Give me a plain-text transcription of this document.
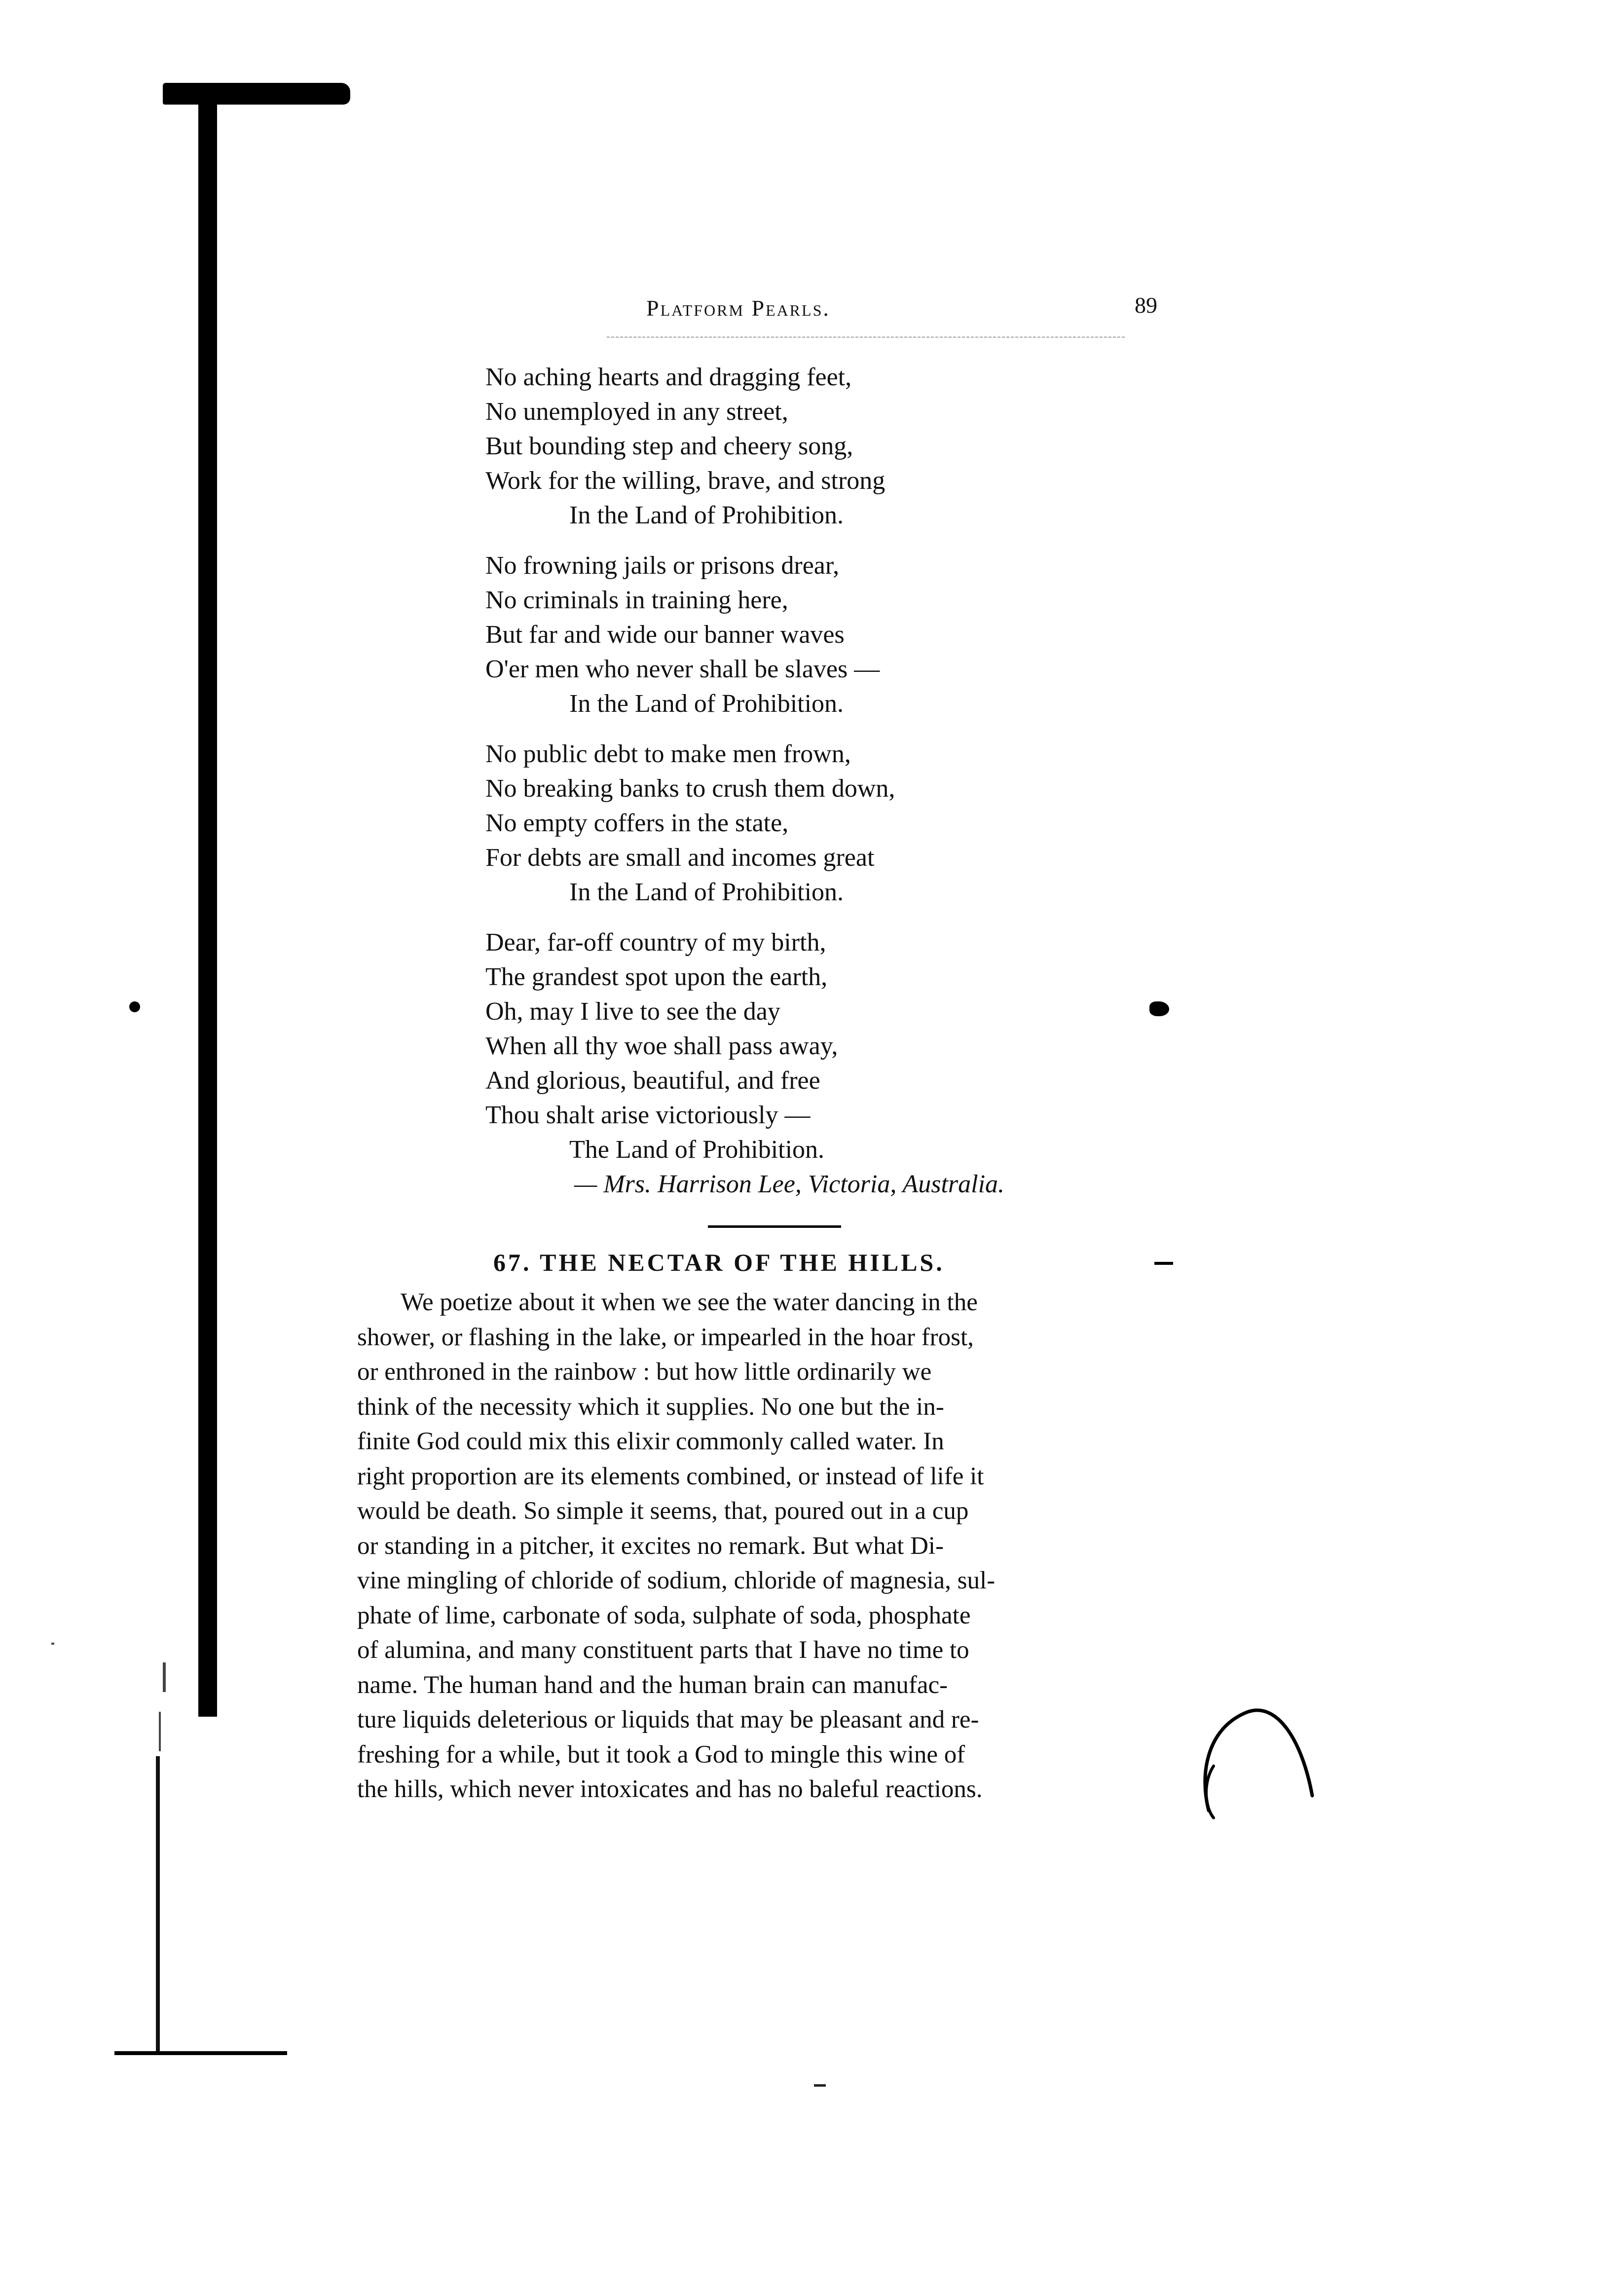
Platform Pearls.	89
No aching hearts and dragging feet,
No unemployed in any street,
But bounding step and cheery song,
Work for the willing, brave, and strong
In the Land of Prohibition.
No frowning jails or prisons drear,
No criminals in training here,
But far and wide our banner waves
O'er men who never shall be slaves —
In the Land of Prohibition.
No public debt to make men frown,
No breaking banks to crush them down,
No empty coffers in the state,
For debts are small and incomes great
In the Land of Prohibition.
Dear, far-off country of my birth,
The grandest spot upon the earth,
Oh, may I live to see the day
When all thy woe shall pass away,
And glorious, beautiful, and free
Thou shalt arise victoriously —
The Land of Prohibition.
— Mrs. Harrison Lee, Victoria, Australia.
67. THE NECTAR OF THE HILLS.
We poetize about it when we see the water dancing in the
shower, or flashing in the lake, or impearled in the hoar frost,
or enthroned in the rainbow : but how little ordinarily we
think of the necessity which it supplies. No one but the in-
finite God could mix this elixir commonly called water. In
right proportion are its elements combined, or instead of life it
would be death. So simple it seems, that, poured out in a cup
or standing in a pitcher, it excites no remark. But what Di-
vine mingling of chloride of sodium, chloride of magnesia, sul-
phate of lime, carbonate of soda, sulphate of soda, phosphate
of alumina, and many constituent parts that I have no time to
name. The human hand and the human brain can manufac-
ture liquids deleterious or liquids that may be pleasant and re-
freshing for a while, but it took a God to mingle this wine of
the hills, which never intoxicates and has no baleful reactions.
